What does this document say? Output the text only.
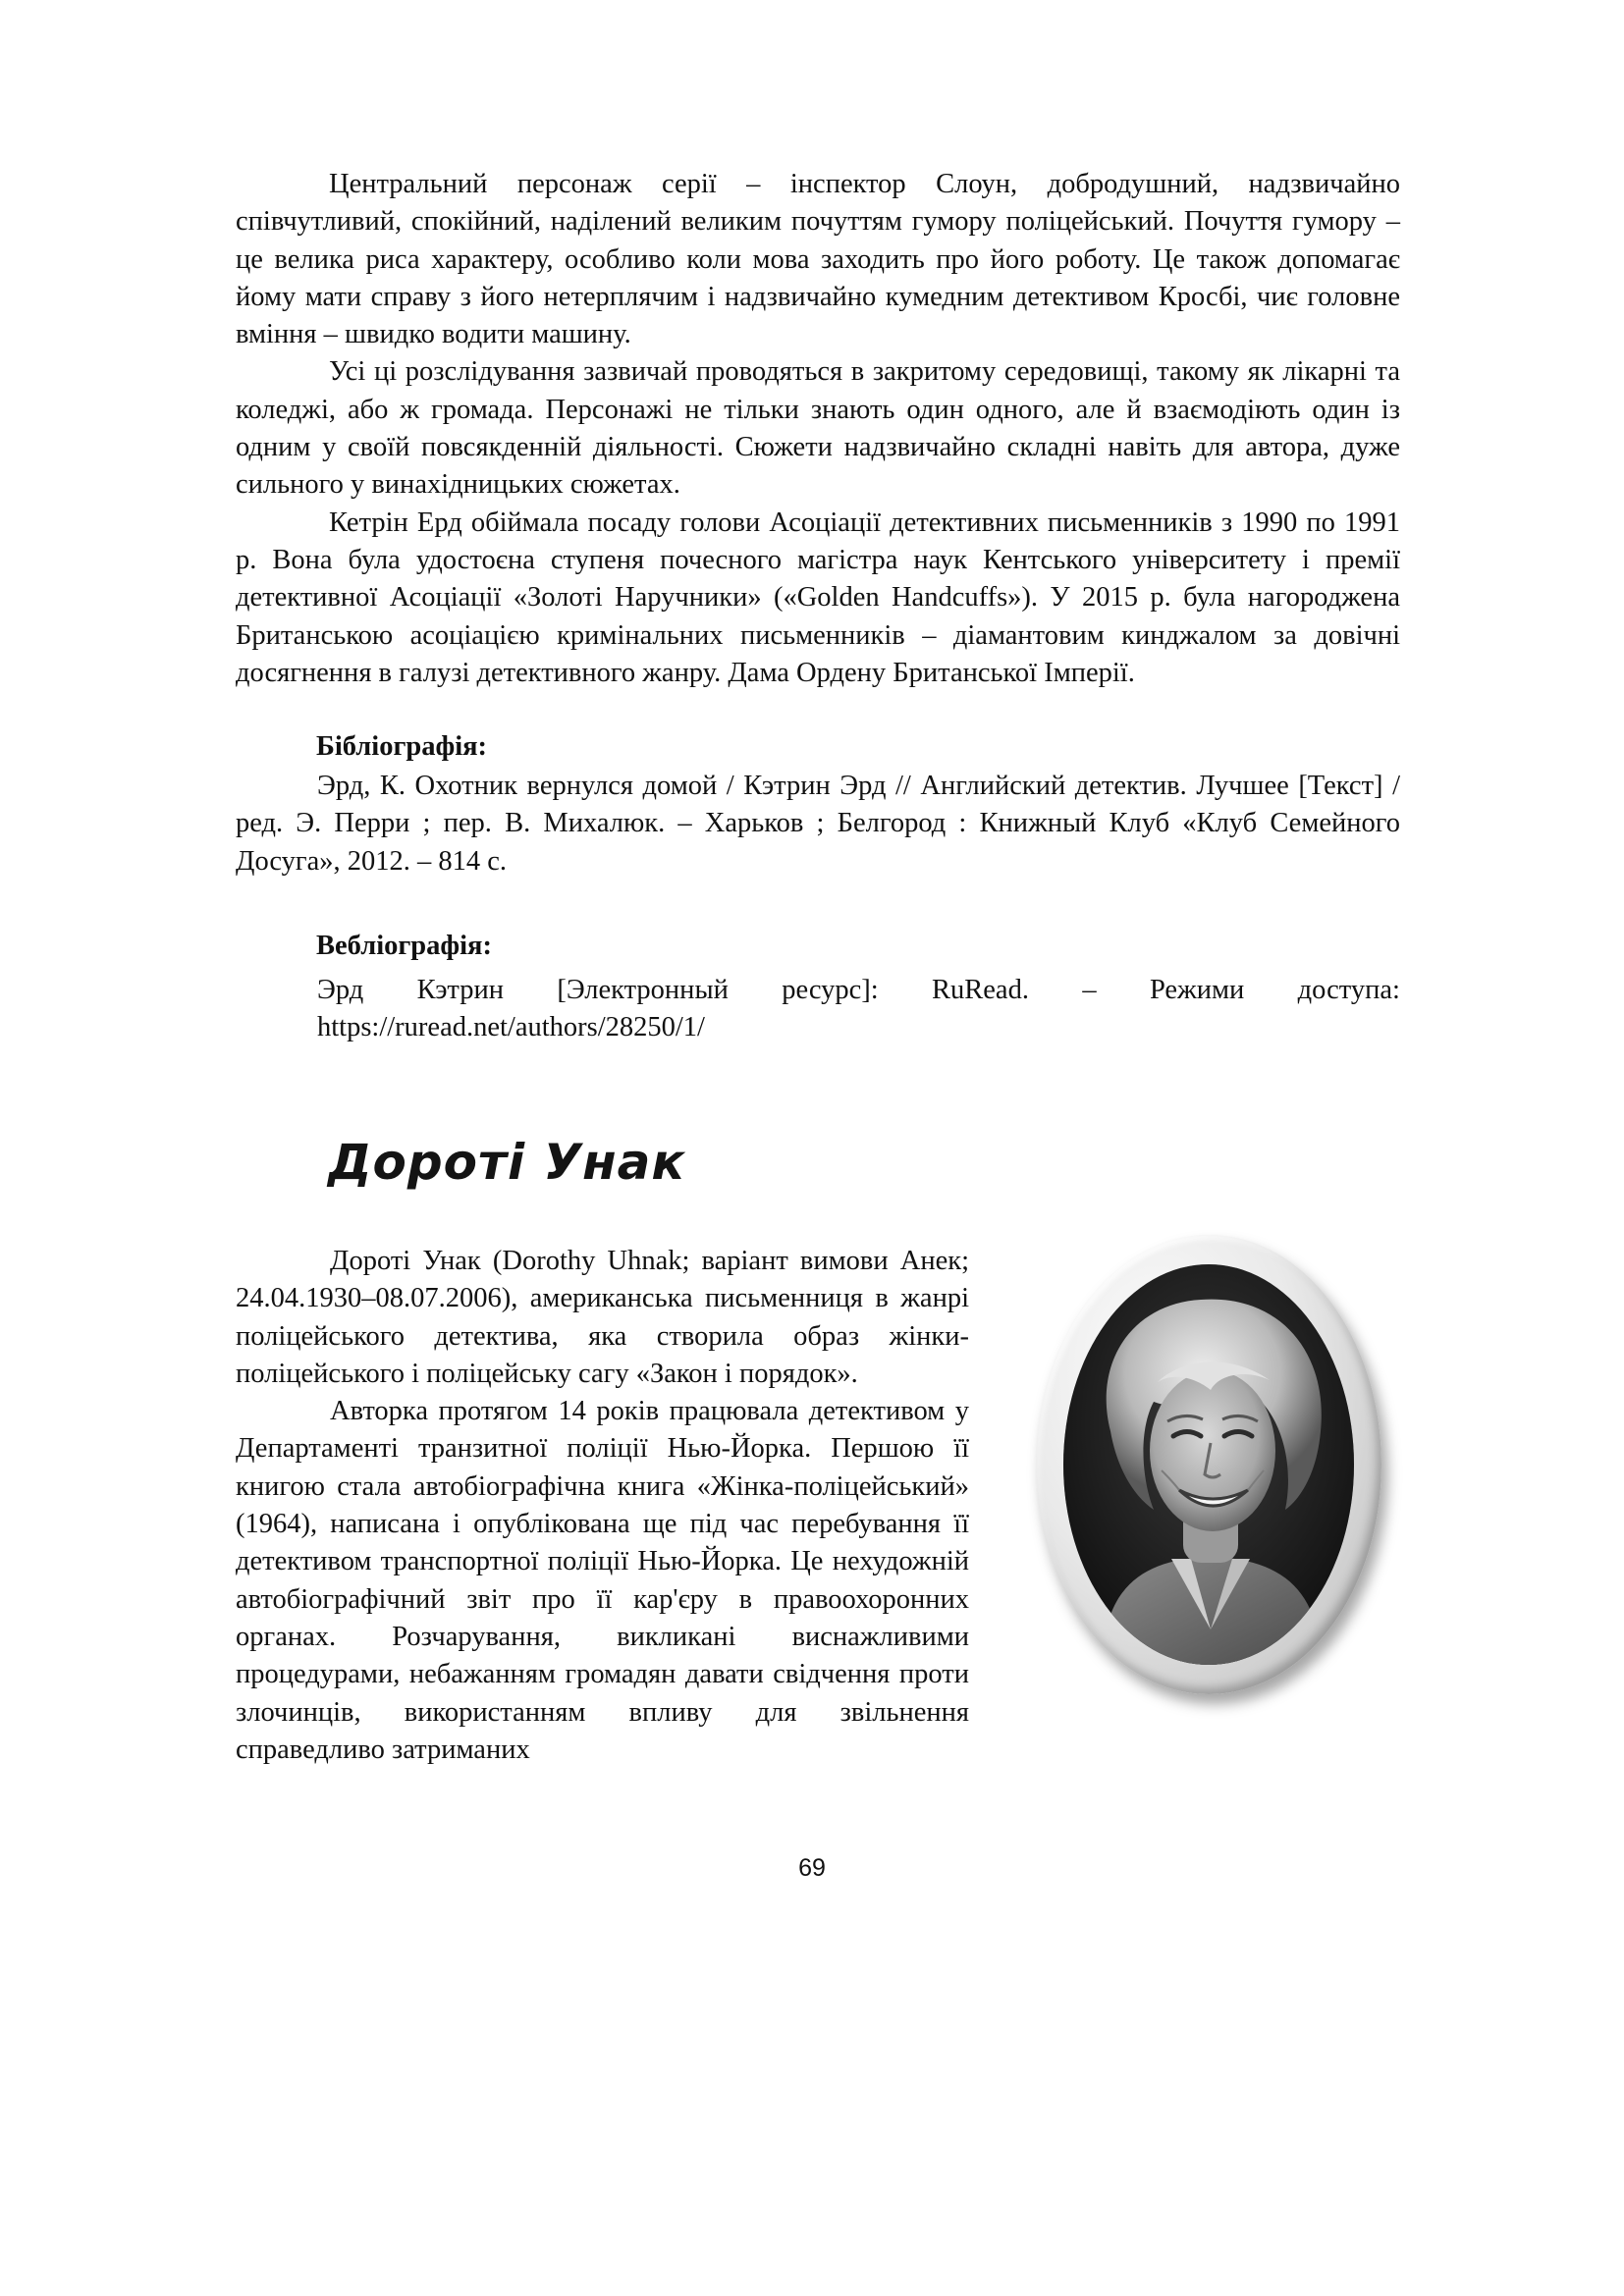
Центральний персонаж серії – інспектор Слоун, добродушний, надзвичайно співчутливий, спокійний, наділений великим почуттям гумору поліцейський. Почуття гумору – це велика риса характеру, особливо коли мова заходить про його роботу. Це також допомагає йому мати справу з його нетерплячим і надзвичайно кумедним детективом Кросбі, чиє головне вміння – швидко водити машину.

Усі ці розслідування зазвичай проводяться в закритому середовищі, такому як лікарні та коледжі, або ж громада. Персонажі не тільки знають один одного, але й взаємодіють один із одним у своїй повсякденній діяльності. Сюжети надзвичайно складні навіть для автора, дуже сильного у винахідницьких сюжетах.

Кетрін Ерд обіймала посаду голови Асоціації детективних письменників з 1990 по 1991 р. Вона була удостоєна ступеня почесного магістра наук Кентського університету і премії детективної Асоціації «Золоті Наручники» («Golden Handcuffs»). У 2015 р. була нагороджена Британською асоціацією кримінальних письменників – діамантовим кинджалом за довічні досягнення в галузі детективного жанру. Дама Ордену Британської Імперії.

Бібліографія:

Эрд, К. Охотник вернулся домой / Кэтрин Эрд // Английский детектив. Лучшее [Текст] / ред. Э. Перри ; пер. В. Михалюк. – Харьков ; Белгород : Книжный Клуб «Клуб Семейного Досуга», 2012. – 814 с.

Вебліографія:
Эрд Кэтрин [Электронный ресурс]: RuRead. – Режими доступа:

https://ruread.net/authors/28250/1/

Дороті Унак

Дороті Унак (Dorothy Uhnak; варіант вимови Анек; 24.04.1930–08.07.2006), американська письменниця в жанрі поліцейського детектива, яка створила образ жінки-поліцейського і поліцейську сагу «Закон і порядок».

Авторка протягом 14 років працювала детективом у Департаменті транзитної поліції Нью-Йорка. Першою її книгою стала автобіографічна книга «Жінка-поліцейський» (1964), написана і опублікована ще під час перебування її детективом транспортної поліції Нью-Йорка. Це нехудожній автобіографічний звіт про її кар'єру в правоохоронних органах. Розчарування, викликані виснажливими процедурами, небажанням громадян давати свідчення проти злочинців, використанням впливу для звільнення справедливо затриманих

69
